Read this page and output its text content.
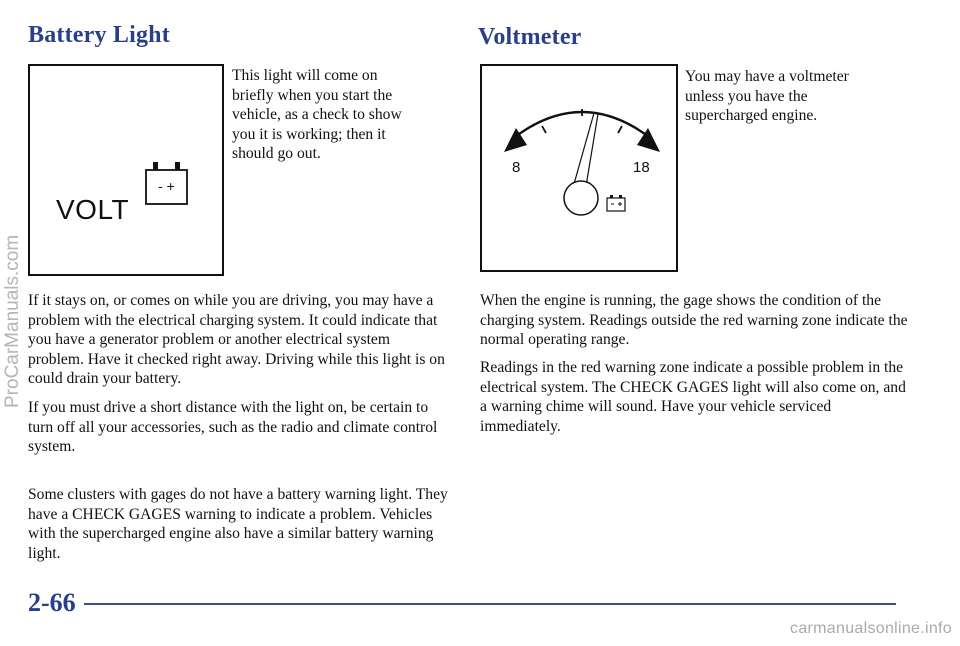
Battery Light	Voltmeter
VOLT
- +

This light will come on briefly when you start the vehicle, as a check to show you it is working; then it should go out.

8	18

You may have a voltmeter unless you have the supercharged engine.

If it stays on, or comes on while you are driving, you may have a problem with the electrical charging system. It could indicate that you have a generator problem or another electrical system problem. Have it checked right away. Driving while this light is on could drain your battery.

If you must drive a short distance with the light on, be certain to turn off all your accessories, such as the radio and climate control system.

Some clusters with gages do not have a battery warning light. They have a CHECK GAGES warning to indicate a problem. Vehicles with the supercharged engine also have a similar battery warning light.

When the engine is running, the gage shows the condition of the charging system. Readings outside the red warning zone indicate the normal operating range.

Readings in the red warning zone indicate a possible problem in the electrical system. The CHECK GAGES light will also come on, and a warning chime will sound. Have your vehicle serviced immediately.

ProCarManuals.com
2-66
carmanualsonline.info
